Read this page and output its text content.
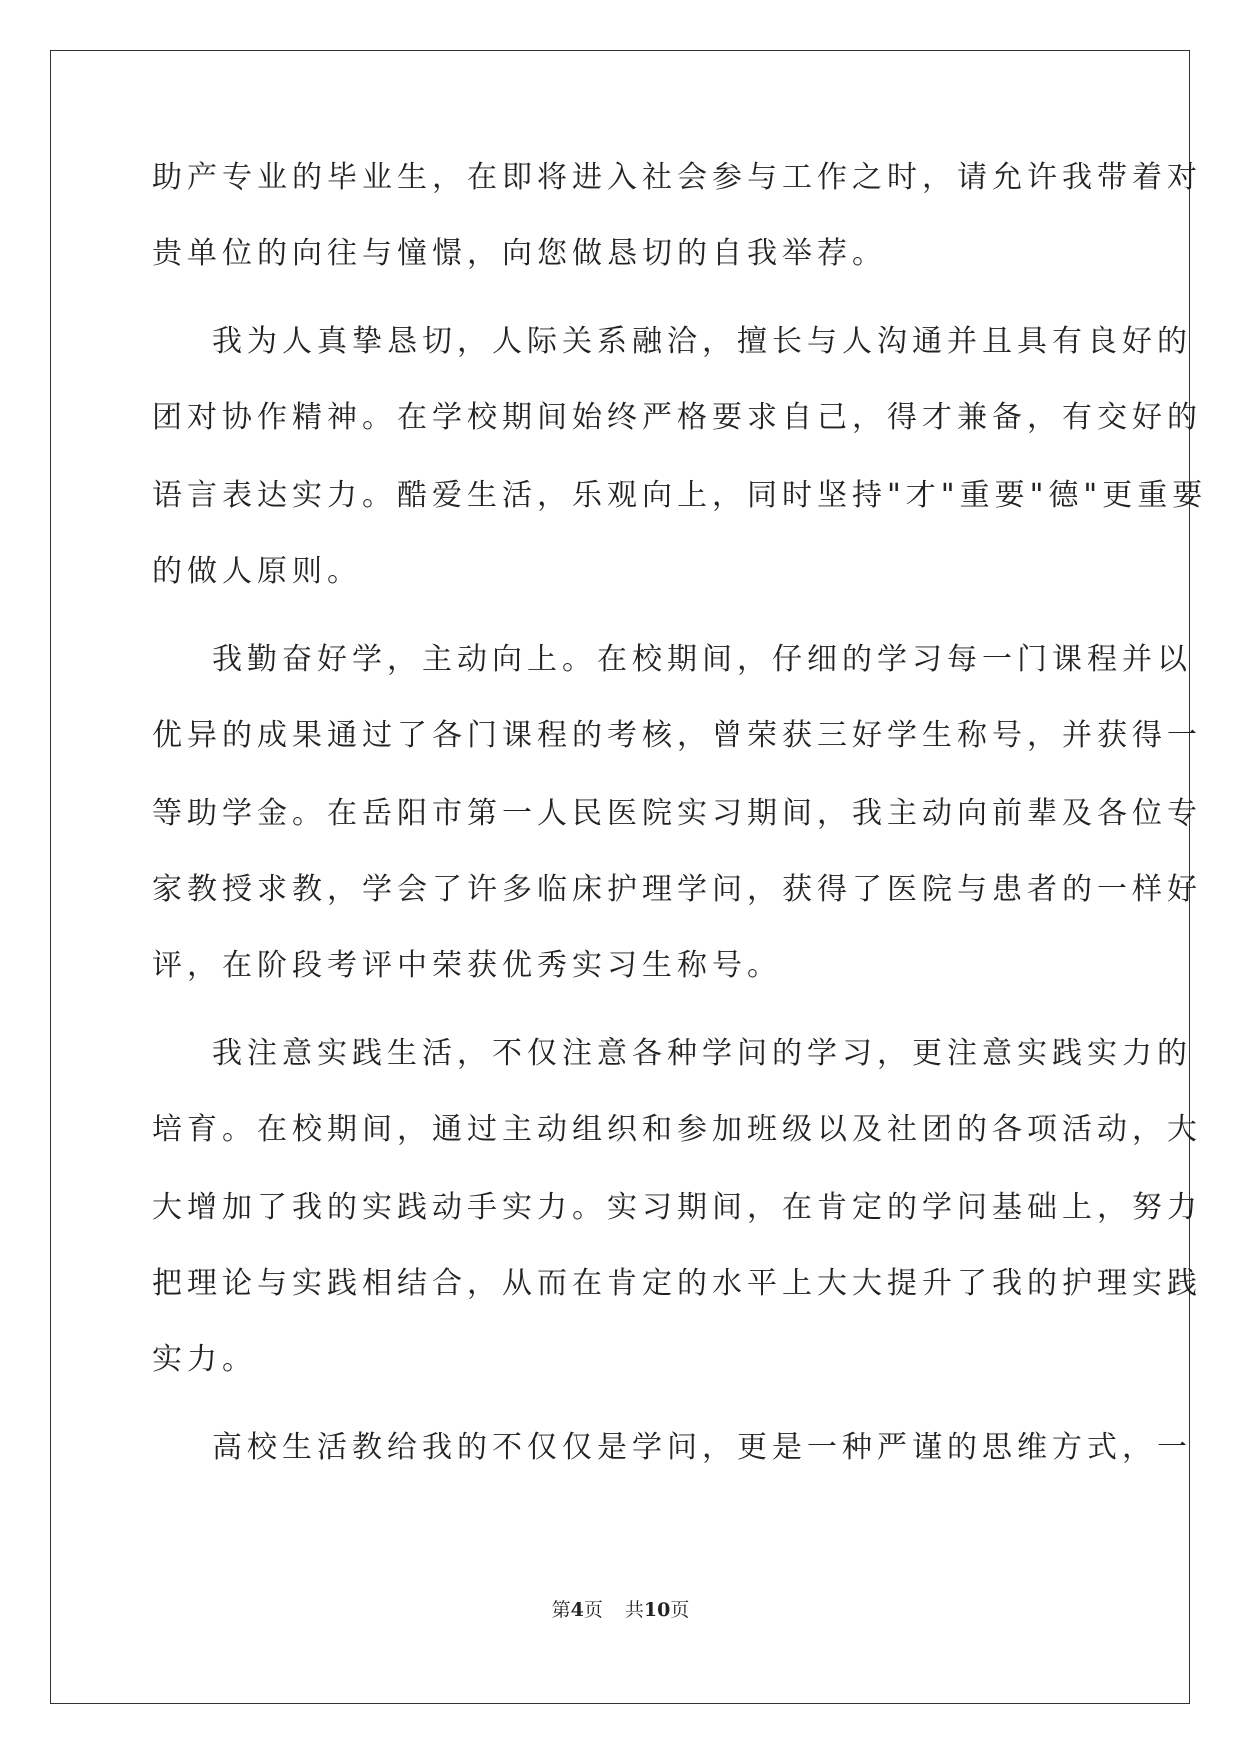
助产专业的毕业生，在即将进入社会参与工作之时，请允许我带着对
贵单位的向往与憧憬，向您做恳切的自我举荐。
我为人真挚恳切，人际关系融洽，擅长与人沟通并且具有良好的
团对协作精神。在学校期间始终严格要求自己，得才兼备，有交好的
语言表达实力。酷爱生活，乐观向上，同时坚持"才"重要"德"更重要
的做人原则。
我勤奋好学，主动向上。在校期间，仔细的学习每一门课程并以
优异的成果通过了各门课程的考核，曾荣获三好学生称号，并获得一
等助学金。在岳阳市第一人民医院实习期间，我主动向前辈及各位专
家教授求教，学会了许多临床护理学问，获得了医院与患者的一样好
评，在阶段考评中荣获优秀实习生称号。
我注意实践生活，不仅注意各种学问的学习，更注意实践实力的
培育。在校期间，通过主动组织和参加班级以及社团的各项活动，大
大增加了我的实践动手实力。实习期间，在肯定的学问基础上，努力
把理论与实践相结合，从而在肯定的水平上大大提升了我的护理实践
实力。
高校生活教给我的不仅仅是学问，更是一种严谨的思维方式，一
第4页 共10页
